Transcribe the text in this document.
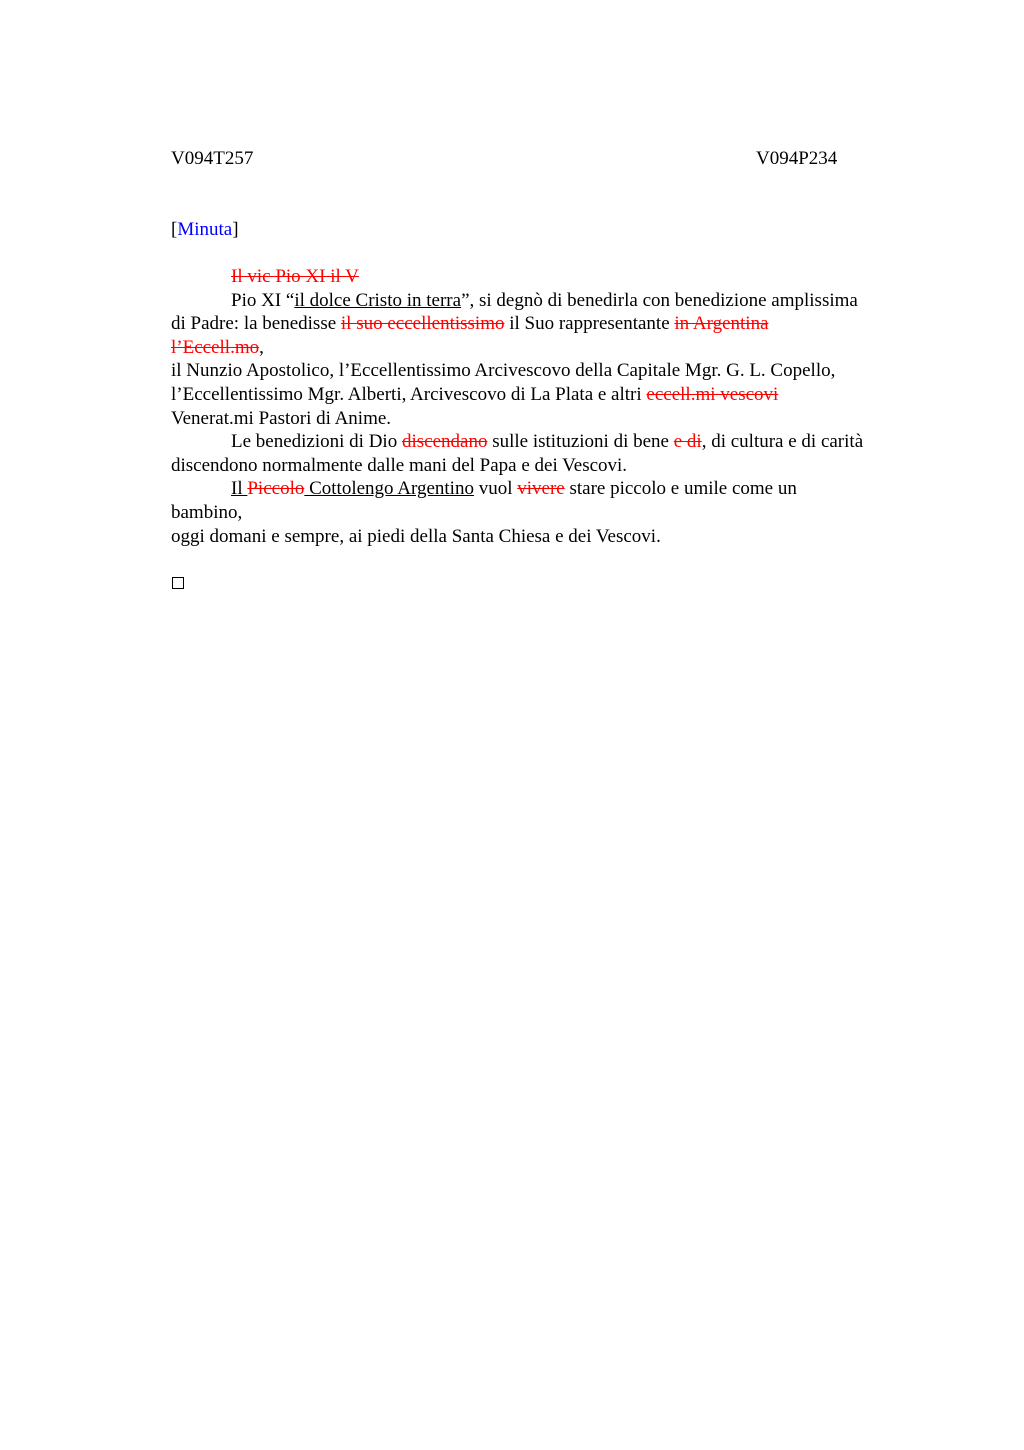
V094T257	V094P234
[Minuta]
Il vic Pio XI il V
Pio XI “il dolce Cristo in terra”, si degnò di benedirla con benedizione amplissima
di Padre: la benedisse il suo eccellentissimo il Suo rappresentante in Argentina
l’Eccell.mo,
il Nunzio Apostolico, l’Eccellentissimo Arcivescovo della Capitale Mgr. G. L. Copello,
l’Eccellentissimo Mgr. Alberti, Arcivescovo di La Plata e altri eccell.mi vescovi
Venerat.mi Pastori di Anime.
Le benedizioni di Dio discendano sulle istituzioni di bene e di, di cultura e di carità
discendono normalmente dalle mani del Papa e dei Vescovi.
Il Piccolo Cottolengo Argentino vuol vivere stare piccolo e umile come un
bambino,
oggi domani e sempre, ai piedi della Santa Chiesa e dei Vescovi.
